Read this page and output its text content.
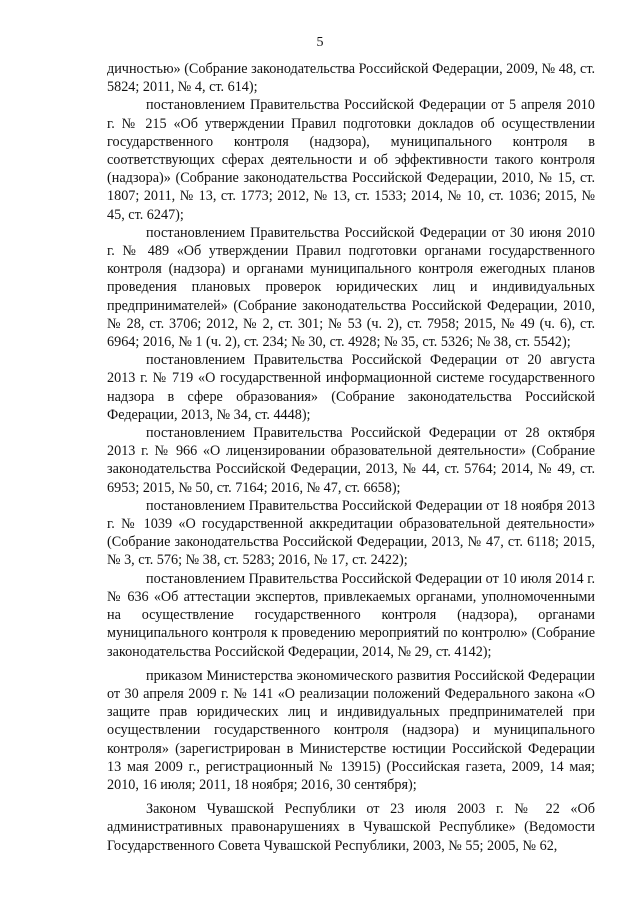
5

дичностью» (Собрание законодательства Российской Федерации, 2009, № 48, ст. 5824; 2011, № 4, ст. 614);

постановлением Правительства Российской Федерации от 5 апреля 2010 г. № 215 «Об утверждении Правил подготовки докладов об осуществлении государственного контроля (надзора), муниципального контроля в соответствующих сферах деятельности и об эффективности такого контроля (надзора)» (Собрание законодательства Российской Федерации, 2010, № 15, ст. 1807; 2011, № 13, ст. 1773; 2012, № 13, ст. 1533; 2014, № 10, ст. 1036; 2015, № 45, ст. 6247);

постановлением Правительства Российской Федерации от 30 июня 2010 г. № 489 «Об утверждении Правил подготовки органами государственного контроля (надзора) и органами муниципального контроля ежегодных планов проведения плановых проверок юридических лиц и индивидуальных предпринимателей» (Собрание законодательства Российской Федерации, 2010, № 28, ст. 3706; 2012, № 2, ст. 301; № 53 (ч. 2), ст. 7958; 2015, № 49 (ч. 6), ст. 6964; 2016, № 1 (ч. 2), ст. 234; № 30, ст. 4928; № 35, ст. 5326; № 38, ст. 5542);

постановлением Правительства Российской Федерации от 20 августа 2013 г. № 719 «О государственной информационной системе государственного надзора в сфере образования» (Собрание законодательства Российской Федерации, 2013, № 34, ст. 4448);

постановлением Правительства Российской Федерации от 28 октября 2013 г. № 966 «О лицензировании образовательной деятельности» (Собрание законодательства Российской Федерации, 2013, № 44, ст. 5764; 2014, № 49, ст. 6953; 2015, № 50, ст. 7164; 2016, № 47, ст. 6658);

постановлением Правительства Российской Федерации от 18 ноября 2013 г. № 1039 «О государственной аккредитации образовательной деятельности» (Собрание законодательства Российской Федерации, 2013, № 47, ст. 6118; 2015, № 3, ст. 576; № 38, ст. 5283; 2016, № 17, ст. 2422);

постановлением Правительства Российской Федерации от 10 июля 2014 г. № 636 «Об аттестации экспертов, привлекаемых органами, уполномоченными на осуществление государственного контроля (надзора), органами муниципального контроля к проведению мероприятий по контролю» (Собрание законодательства Российской Федерации, 2014, № 29, ст. 4142);

приказом Министерства экономического развития Российской Федерации от 30 апреля 2009 г. № 141 «О реализации положений Федерального закона «О защите прав юридических лиц и индивидуальных предпринимателей при осуществлении государственного контроля (надзора) и муниципального контроля» (зарегистрирован в Министерстве юстиции Российской Федерации 13 мая 2009 г., регистрационный № 13915) (Российская газета, 2009, 14 мая; 2010, 16 июля; 2011, 18 ноября; 2016, 30 сентября);

Законом Чувашской Республики от 23 июля 2003 г. № 22 «Об административных правонарушениях в Чувашской Республике» (Ведомости Государственного Совета Чувашской Республики, 2003, № 55; 2005, № 62,
